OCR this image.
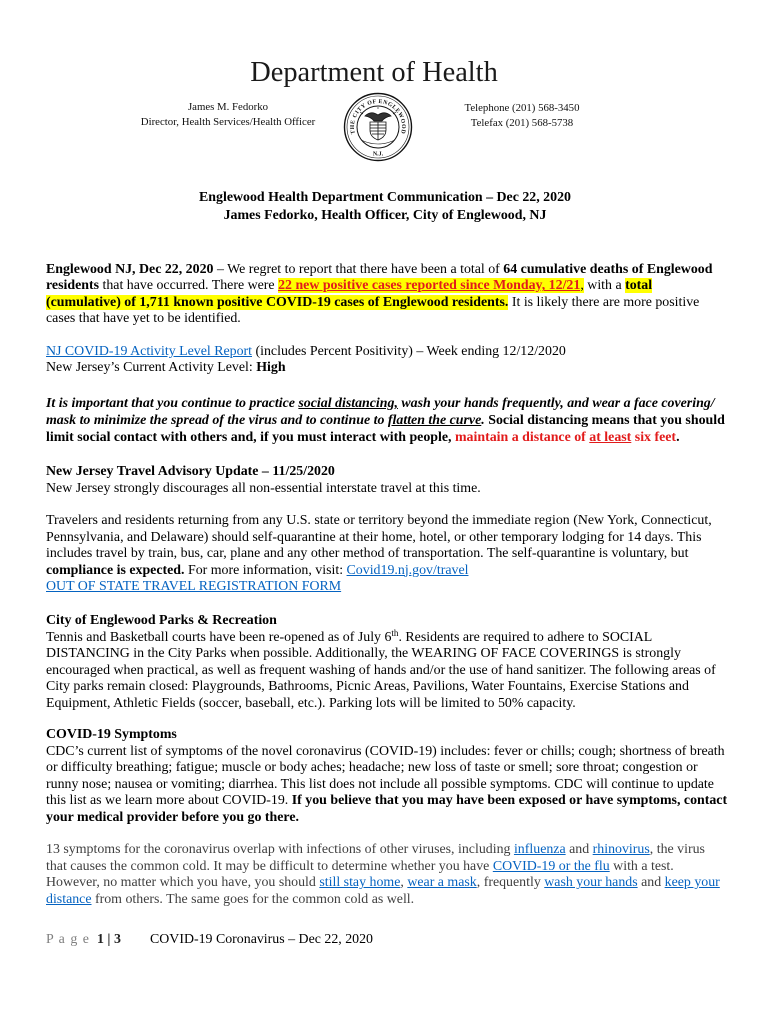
Department of Health
James M. Fedorko
Director, Health Services/Health Officer
THE CITY OF ENGLEWOOD
N.J.
Telephone (201) 568-3450
Telefax (201) 568-5738
Englewood Health Department Communication – Dec 22, 2020
James Fedorko, Health Officer, City of Englewood, NJ
Englewood NJ, Dec 22, 2020 – We regret to report that there have been a total of 64 cumulative deaths of Englewood
residents that have occurred. There were 22 new positive cases reported since Monday, 12/21, with a total
(cumulative) of 1,711 known positive COVID-19 cases of Englewood residents. It is likely there are more positive
cases that have yet to be identified.
NJ COVID-19 Activity Level Report (includes Percent Positivity) – Week ending 12/12/2020
New Jersey’s Current Activity Level: High
It is important that you continue to practice social distancing, wash your hands frequently, and wear a face covering/
mask to minimize the spread of the virus and to continue to flatten the curve. Social distancing means that you should
limit social contact with others and, if you must interact with people, maintain a distance of at least six feet.
New Jersey Travel Advisory Update – 11/25/2020
New Jersey strongly discourages all non-essential interstate travel at this time.
Travelers and residents returning from any U.S. state or territory beyond the immediate region (New York, Connecticut,
Pennsylvania, and Delaware) should self-quarantine at their home, hotel, or other temporary lodging for 14 days. This
includes travel by train, bus, car, plane and any other method of transportation. The self-quarantine is voluntary, but
compliance is expected. For more information, visit: Covid19.nj.gov/travel
OUT OF STATE TRAVEL REGISTRATION FORM
City of Englewood Parks & Recreation
Tennis and Basketball courts have been re-opened as of July 6th. Residents are required to adhere to SOCIAL
DISTANCING in the City Parks when possible. Additionally, the WEARING OF FACE COVERINGS is strongly
encouraged when practical, as well as frequent washing of hands and/or the use of hand sanitizer. The following areas of
City parks remain closed: Playgrounds, Bathrooms, Picnic Areas, Pavilions, Water Fountains, Exercise Stations and
Equipment, Athletic Fields (soccer, baseball, etc.). Parking lots will be limited to 50% capacity.
COVID-19 Symptoms
CDC’s current list of symptoms of the novel coronavirus (COVID-19) includes: fever or chills; cough; shortness of breath
or difficulty breathing; fatigue; muscle or body aches; headache; new loss of taste or smell; sore throat; congestion or
runny nose; nausea or vomiting; diarrhea. This list does not include all possible symptoms. CDC will continue to update
this list as we learn more about COVID-19. If you believe that you may have been exposed or have symptoms, contact
your medical provider before you go there.
13 symptoms for the coronavirus overlap with infections of other viruses, including influenza and rhinovirus, the virus
that causes the common cold. It may be difficult to determine whether you have COVID-19 or the flu with a test.
However, no matter which you have, you should still stay home, wear a mask, frequently wash your hands and keep your
distance from others. The same goes for the common cold as well.
P a g e 1 | 3 COVID-19 Coronavirus – Dec 22, 2020
